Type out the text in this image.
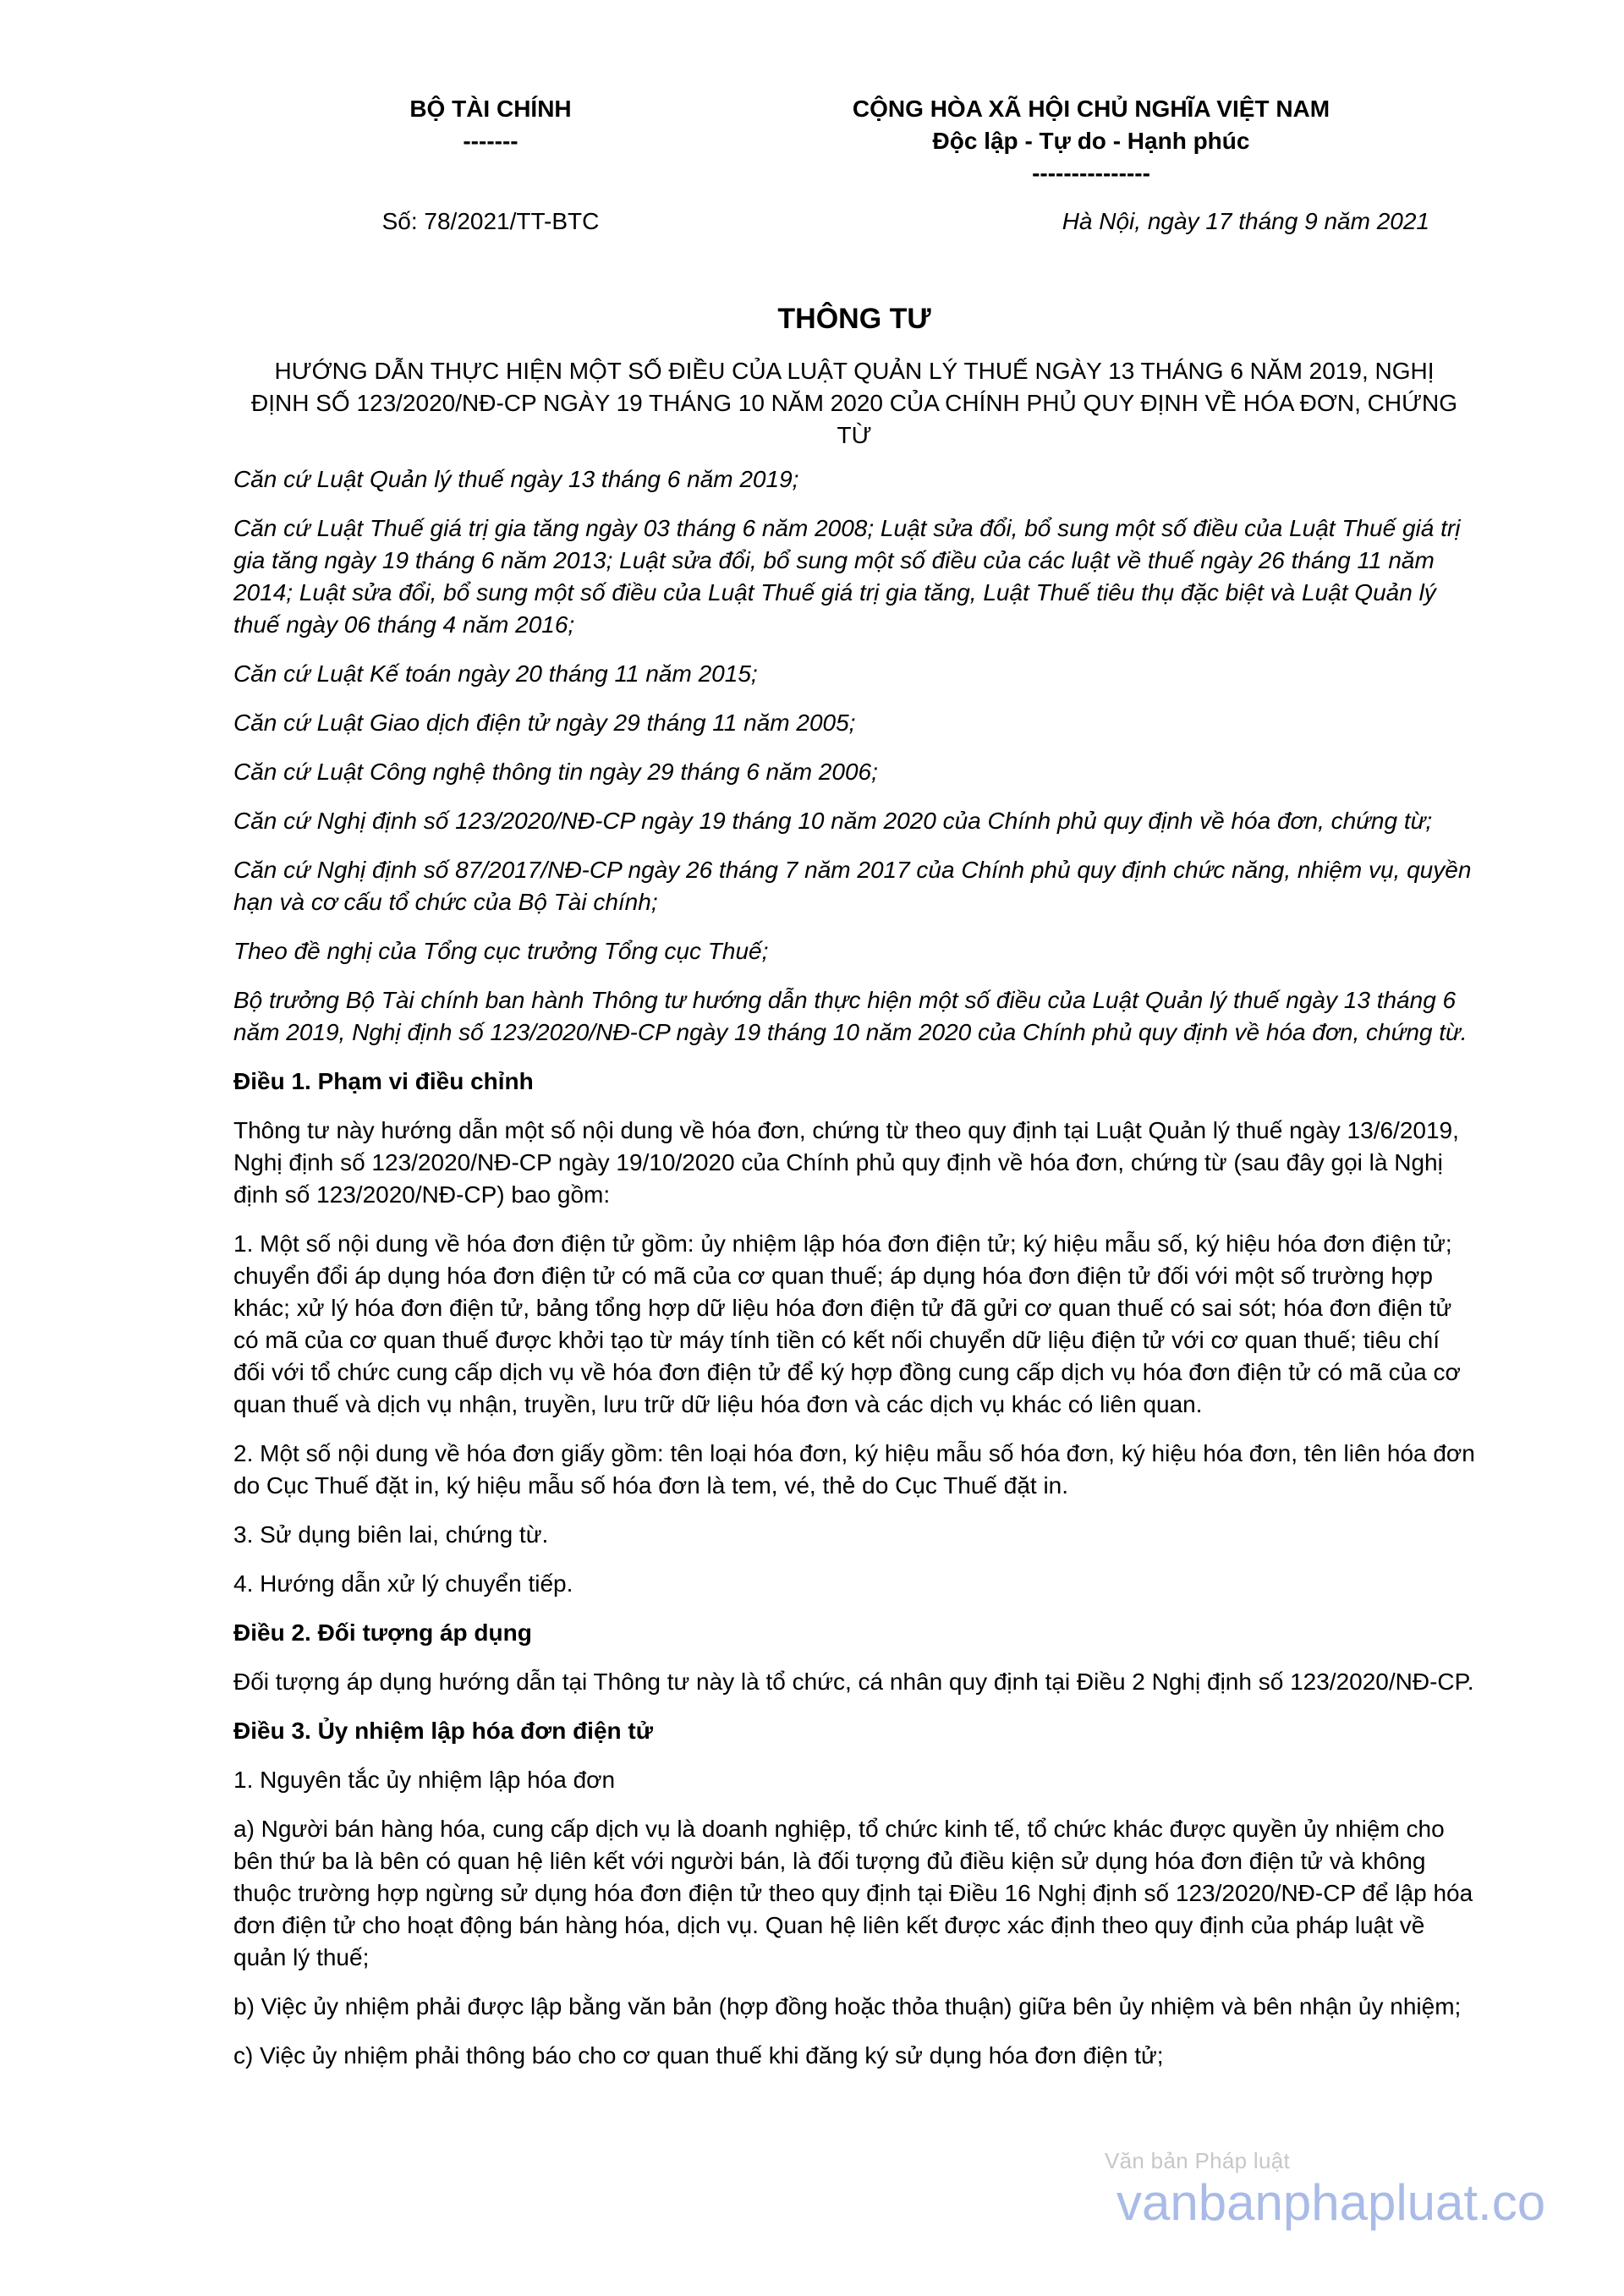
BỘ TÀI CHÍNH
-------
CỘNG HÒA XÃ HỘI CHỦ NGHĨA VIỆT NAM
Độc lập - Tự do - Hạnh phúc
---------------
Số: 78/2021/TT-BTC	Hà Nội, ngày 17 tháng 9 năm 2021
THÔNG TƯ
HƯỚNG DẪN THỰC HIỆN MỘT SỐ ĐIỀU CỦA LUẬT QUẢN LÝ THUẾ NGÀY 13 THÁNG 6 NĂM 2019, NGHỊ ĐỊNH SỐ 123/2020/NĐ-CP NGÀY 19 THÁNG 10 NĂM 2020 CỦA CHÍNH PHỦ QUY ĐỊNH VỀ HÓA ĐƠN, CHỨNG TỪ

Căn cứ Luật Quản lý thuế ngày 13 tháng 6 năm 2019;

Căn cứ Luật Thuế giá trị gia tăng ngày 03 tháng 6 năm 2008; Luật sửa đổi, bổ sung một số điều của Luật Thuế giá trị gia tăng ngày 19 tháng 6 năm 2013; Luật sửa đổi, bổ sung một số điều của các luật về thuế ngày 26 tháng 11 năm 2014; Luật sửa đổi, bổ sung một số điều của Luật Thuế giá trị gia tăng, Luật Thuế tiêu thụ đặc biệt và Luật Quản lý thuế ngày 06 tháng 4 năm 2016;

Căn cứ Luật Kế toán ngày 20 tháng 11 năm 2015;

Căn cứ Luật Giao dịch điện tử ngày 29 tháng 11 năm 2005;

Căn cứ Luật Công nghệ thông tin ngày 29 tháng 6 năm 2006;

Căn cứ Nghị định số 123/2020/NĐ-CP ngày 19 tháng 10 năm 2020 của Chính phủ quy định về hóa đơn, chứng từ;

Căn cứ Nghị định số 87/2017/NĐ-CP ngày 26 tháng 7 năm 2017 của Chính phủ quy định chức năng, nhiệm vụ, quyền hạn và cơ cấu tổ chức của Bộ Tài chính;

Theo đề nghị của Tổng cục trưởng Tổng cục Thuế;

Bộ trưởng Bộ Tài chính ban hành Thông tư hướng dẫn thực hiện một số điều của Luật Quản lý thuế ngày 13 tháng 6 năm 2019, Nghị định số 123/2020/NĐ-CP ngày 19 tháng 10 năm 2020 của Chính phủ quy định về hóa đơn, chứng từ.

Điều 1. Phạm vi điều chỉnh

Thông tư này hướng dẫn một số nội dung về hóa đơn, chứng từ theo quy định tại Luật Quản lý thuế ngày 13/6/2019, Nghị định số 123/2020/NĐ-CP ngày 19/10/2020 của Chính phủ quy định về hóa đơn, chứng từ (sau đây gọi là Nghị định số 123/2020/NĐ-CP) bao gồm:

1. Một số nội dung về hóa đơn điện tử gồm: ủy nhiệm lập hóa đơn điện tử; ký hiệu mẫu số, ký hiệu hóa đơn điện tử; chuyển đổi áp dụng hóa đơn điện tử có mã của cơ quan thuế; áp dụng hóa đơn điện tử đối với một số trường hợp khác; xử lý hóa đơn điện tử, bảng tổng hợp dữ liệu hóa đơn điện tử đã gửi cơ quan thuế có sai sót; hóa đơn điện tử có mã của cơ quan thuế được khởi tạo từ máy tính tiền có kết nối chuyển dữ liệu điện tử với cơ quan thuế; tiêu chí đối với tổ chức cung cấp dịch vụ về hóa đơn điện tử để ký hợp đồng cung cấp dịch vụ hóa đơn điện tử có mã của cơ quan thuế và dịch vụ nhận, truyền, lưu trữ dữ liệu hóa đơn và các dịch vụ khác có liên quan.

2. Một số nội dung về hóa đơn giấy gồm: tên loại hóa đơn, ký hiệu mẫu số hóa đơn, ký hiệu hóa đơn, tên liên hóa đơn do Cục Thuế đặt in, ký hiệu mẫu số hóa đơn là tem, vé, thẻ do Cục Thuế đặt in.

3. Sử dụng biên lai, chứng từ.

4. Hướng dẫn xử lý chuyển tiếp.

Điều 2. Đối tượng áp dụng

Đối tượng áp dụng hướng dẫn tại Thông tư này là tổ chức, cá nhân quy định tại Điều 2 Nghị định số 123/2020/NĐ-CP.

Điều 3. Ủy nhiệm lập hóa đơn điện tử

1. Nguyên tắc ủy nhiệm lập hóa đơn

a) Người bán hàng hóa, cung cấp dịch vụ là doanh nghiệp, tổ chức kinh tế, tổ chức khác được quyền ủy nhiệm cho bên thứ ba là bên có quan hệ liên kết với người bán, là đối tượng đủ điều kiện sử dụng hóa đơn điện tử và không thuộc trường hợp ngừng sử dụng hóa đơn điện tử theo quy định tại Điều 16 Nghị định số 123/2020/NĐ-CP để lập hóa đơn điện tử cho hoạt động bán hàng hóa, dịch vụ. Quan hệ liên kết được xác định theo quy định của pháp luật về quản lý thuế;

b) Việc ủy nhiệm phải được lập bằng văn bản (hợp đồng hoặc thỏa thuận) giữa bên ủy nhiệm và bên nhận ủy nhiệm;

c) Việc ủy nhiệm phải thông báo cho cơ quan thuế khi đăng ký sử dụng hóa đơn điện tử;

Văn bản Pháp luật
vanbanphapluat.co
